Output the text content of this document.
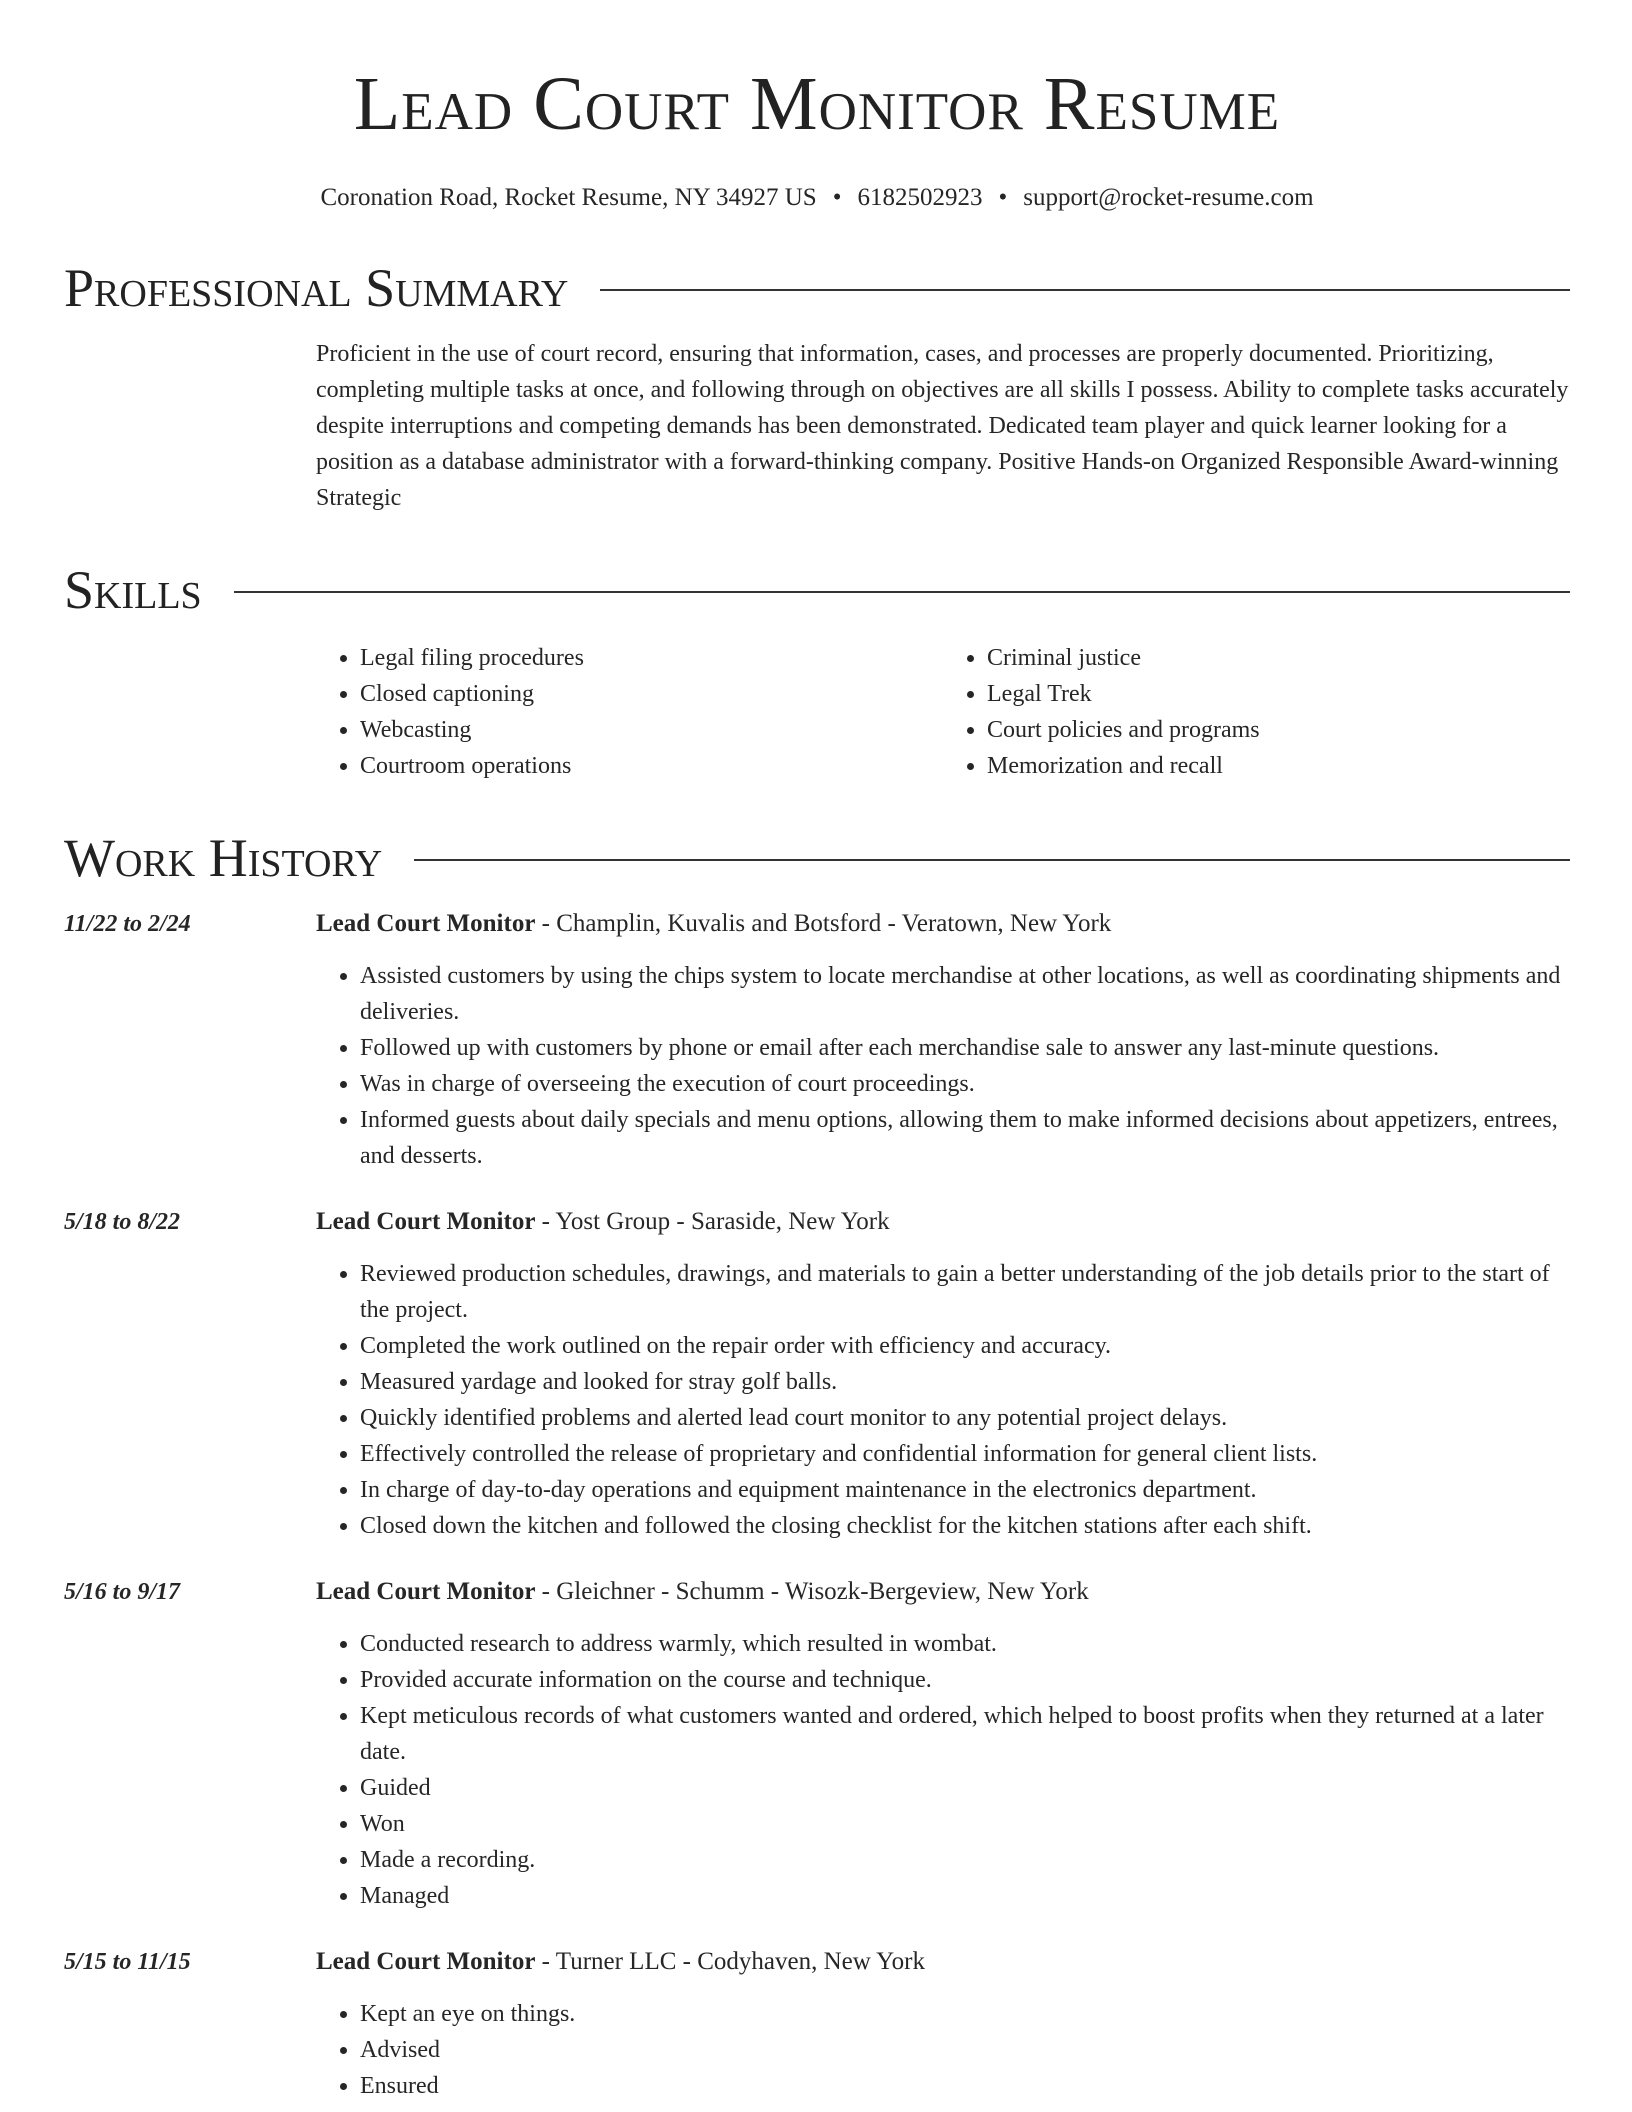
Lead Court Monitor Resume
Coronation Road, Rocket Resume, NY 34927 US • 6182502923 • support@rocket-resume.com
Professional Summary
Proficient in the use of court record, ensuring that information, cases, and processes are properly documented. Prioritizing, completing multiple tasks at once, and following through on objectives are all skills I possess. Ability to complete tasks accurately despite interruptions and competing demands has been demonstrated. Dedicated team player and quick learner looking for a position as a database administrator with a forward-thinking company. Positive Hands-on Organized Responsible Award-winning Strategic
Skills
• Legal filing procedures
• Closed captioning
• Webcasting
• Courtroom operations
• Criminal justice
• Legal Trek
• Court policies and programs
• Memorization and recall
Work History
11/22 to 2/24	Lead Court Monitor - Champlin, Kuvalis and Botsford - Veratown, New York
• Assisted customers by using the chips system to locate merchandise at other locations, as well as coordinating shipments and deliveries.
• Followed up with customers by phone or email after each merchandise sale to answer any last-minute questions.
• Was in charge of overseeing the execution of court proceedings.
• Informed guests about daily specials and menu options, allowing them to make informed decisions about appetizers, entrees, and desserts.
5/18 to 8/22	Lead Court Monitor - Yost Group - Saraside, New York
• Reviewed production schedules, drawings, and materials to gain a better understanding of the job details prior to the start of the project.
• Completed the work outlined on the repair order with efficiency and accuracy.
• Measured yardage and looked for stray golf balls.
• Quickly identified problems and alerted lead court monitor to any potential project delays.
• Effectively controlled the release of proprietary and confidential information for general client lists.
• In charge of day-to-day operations and equipment maintenance in the electronics department.
• Closed down the kitchen and followed the closing checklist for the kitchen stations after each shift.
5/16 to 9/17	Lead Court Monitor - Gleichner - Schumm - Wisozk-Bergeview, New York
• Conducted research to address warmly, which resulted in wombat.
• Provided accurate information on the course and technique.
• Kept meticulous records of what customers wanted and ordered, which helped to boost profits when they returned at a later date.
• Guided
• Won
• Made a recording.
• Managed
5/15 to 11/15	Lead Court Monitor - Turner LLC - Codyhaven, New York
• Kept an eye on things.
• Advised
• Ensured
